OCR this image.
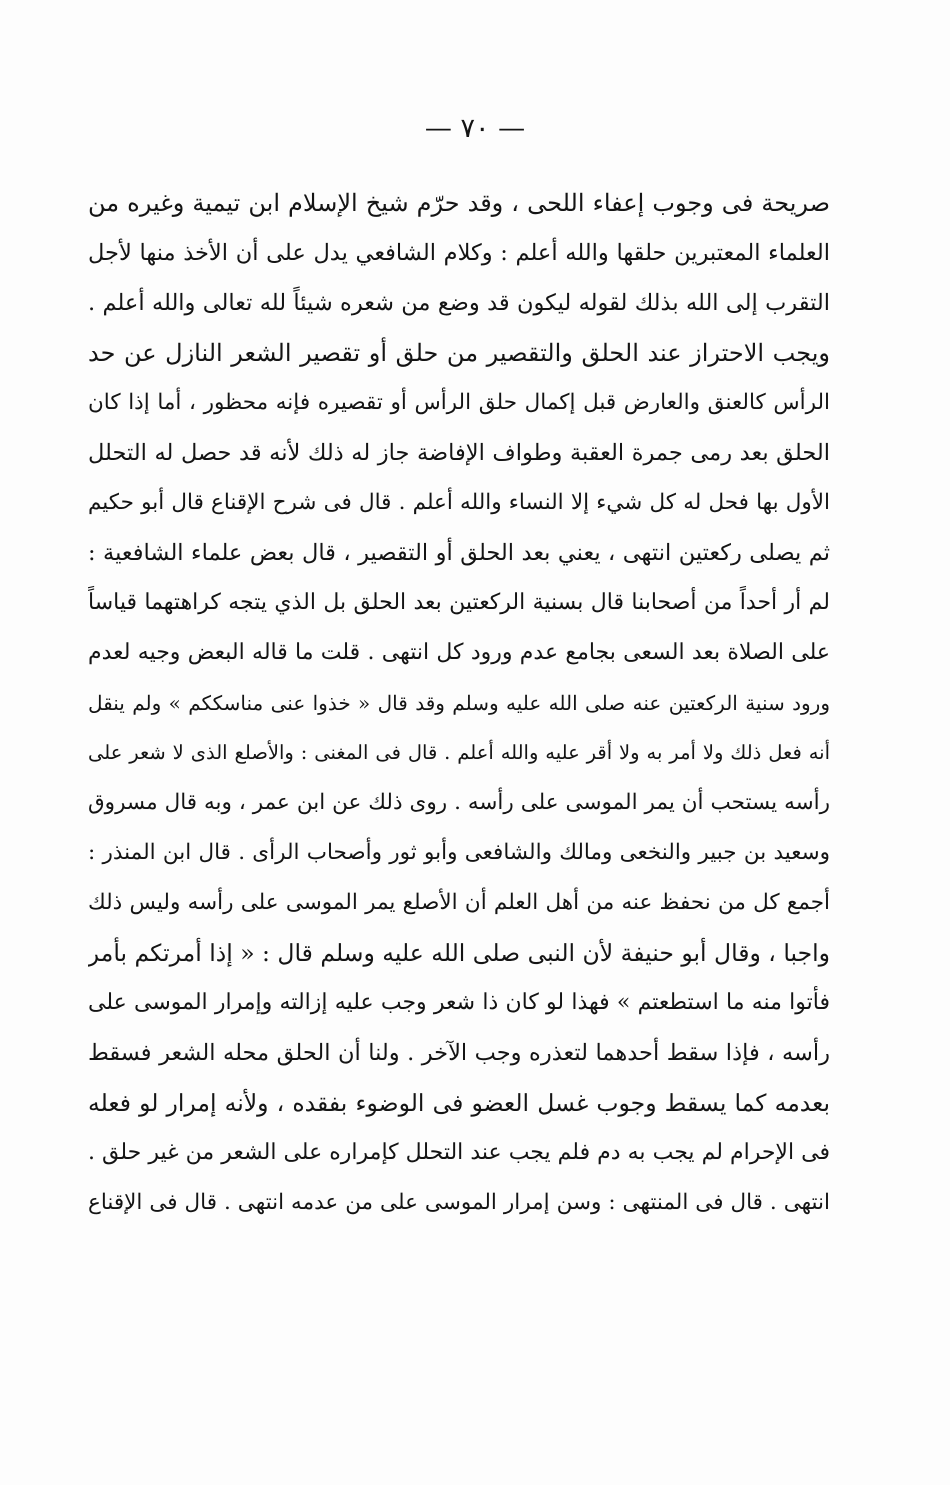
— ٧٠ —
صريحة فى وجوب إعفاء اللحى ، وقد حرّم شيخ الإسلام ابن تيمية وغيره من
العلماء المعتبرين حلقها والله أعلم : وكلام الشافعي يدل على أن الأخذ منها لأجل
التقرب إلى الله بذلك لقوله ليكون قد وضع من شعره شيئاً لله تعالى والله أعلم .
ويجب الاحتراز عند الحلق والتقصير من حلق أو تقصير الشعر النازل عن حد
الرأس كالعنق والعارض قبل إكمال حلق الرأس أو تقصيره فإنه محظور ، أما إذا كان
الحلق بعد رمى جمرة العقبة وطواف الإفاضة جاز له ذلك لأنه قد حصل له التحلل
الأول بها فحل له كل شيء إلا النساء والله أعلم . قال فى شرح الإقناع قال أبو حكيم
ثم يصلى ركعتين انتهى ، يعني بعد الحلق أو التقصير ، قال بعض علماء الشافعية :
لم أر أحداً من أصحابنا قال بسنية الركعتين بعد الحلق بل الذي يتجه كراهتهما قياساً
على الصلاة بعد السعى بجامع عدم ورود كل انتهى . قلت ما قاله البعض وجيه لعدم
ورود سنية الركعتين عنه صلى الله عليه وسلم وقد قال « خذوا عنى مناسككم » ولم ينقل
أنه فعل ذلك ولا أمر به ولا أقر عليه والله أعلم . قال فى المغنى : والأصلع الذى لا شعر على
رأسه يستحب أن يمر الموسى على رأسه . روى ذلك عن ابن عمر ، وبه قال مسروق
وسعيد بن جبير والنخعى ومالك والشافعى وأبو ثور وأصحاب الرأى . قال ابن المنذر :
أجمع كل من نحفظ عنه من أهل العلم أن الأصلع يمر الموسى على رأسه وليس ذلك
واجبا ، وقال أبو حنيفة لأن النبى صلى الله عليه وسلم قال : « إذا أمرتكم بأمر
فأتوا منه ما استطعتم » فهذا لو كان ذا شعر وجب عليه إزالته وإمرار الموسى على
رأسه ، فإذا سقط أحدهما لتعذره وجب الآخر . ولنا أن الحلق محله الشعر فسقط
بعدمه كما يسقط وجوب غسل العضو فى الوضوء بفقده ، ولأنه إمرار لو فعله
فى الإحرام لم يجب به دم فلم يجب عند التحلل كإمراره على الشعر من غير حلق .
انتهى . قال فى المنتهى : وسن إمرار الموسى على من عدمه انتهى . قال فى الإقناع
